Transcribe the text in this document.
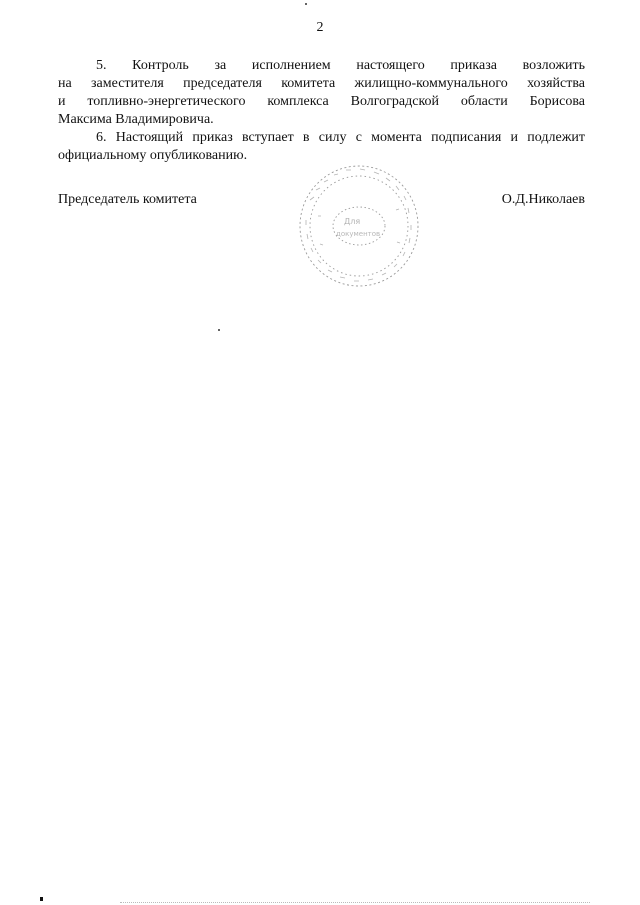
2

5. Контроль за исполнением настоящего приказа возложить
на заместителя председателя комитета жилищно-коммунального хозяйства
и топливно-энергетического комплекса Волгоградской области Борисова
Максима Владимировича.

6. Настоящий приказ вступает в силу с момента подписания и подлежит
официальному опубликованию.

Председатель комитета	О.Д.Николаев
Для
документов
